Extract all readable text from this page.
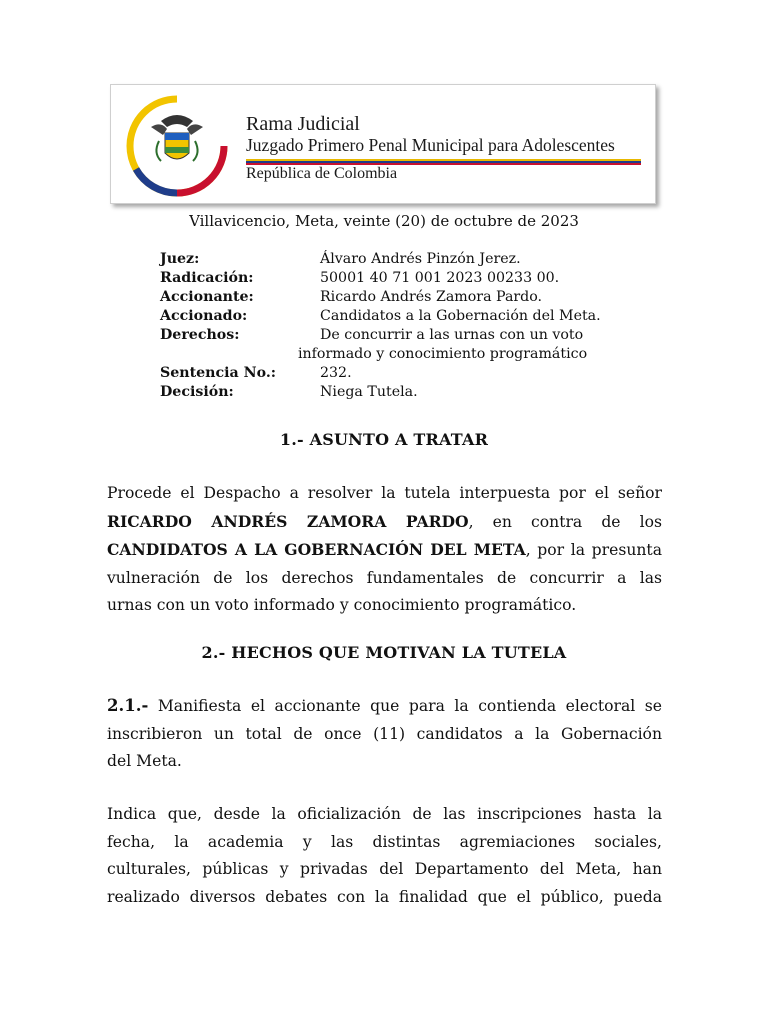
Rama Judicial
Juzgado Primero Penal Municipal para Adolescentes
República de Colombia
Villavicencio, Meta, veinte (20) de octubre de 2023
Juez:	Álvaro Andrés Pinzón Jerez.
Radicación:	50001 40 71 001 2023 00233 00.
Accionante:	Ricardo Andrés Zamora Pardo.
Accionado:	Candidatos a la Gobernación del Meta.
Derechos:	De concurrir a las urnas con un voto
informado y conocimiento programático
Sentencia No.:	232.
Decisión:	Niega Tutela.
1.- ASUNTO A TRATAR
Procede el Despacho a resolver la tutela interpuesta por el señor
RICARDO ANDRÉS ZAMORA PARDO, en contra de los
CANDIDATOS A LA GOBERNACIÓN DEL META, por la presunta
vulneración de los derechos fundamentales de concurrir a las
urnas con un voto informado y conocimiento programático.
2.- HECHOS QUE MOTIVAN LA TUTELA
2.1.- Manifiesta el accionante que para la contienda electoral se
inscribieron un total de once (11) candidatos a la Gobernación
del Meta.
Indica que, desde la oficialización de las inscripciones hasta la
fecha, la academia y las distintas agremiaciones sociales,
culturales, públicas y privadas del Departamento del Meta, han
realizado diversos debates con la finalidad que el público, pueda
